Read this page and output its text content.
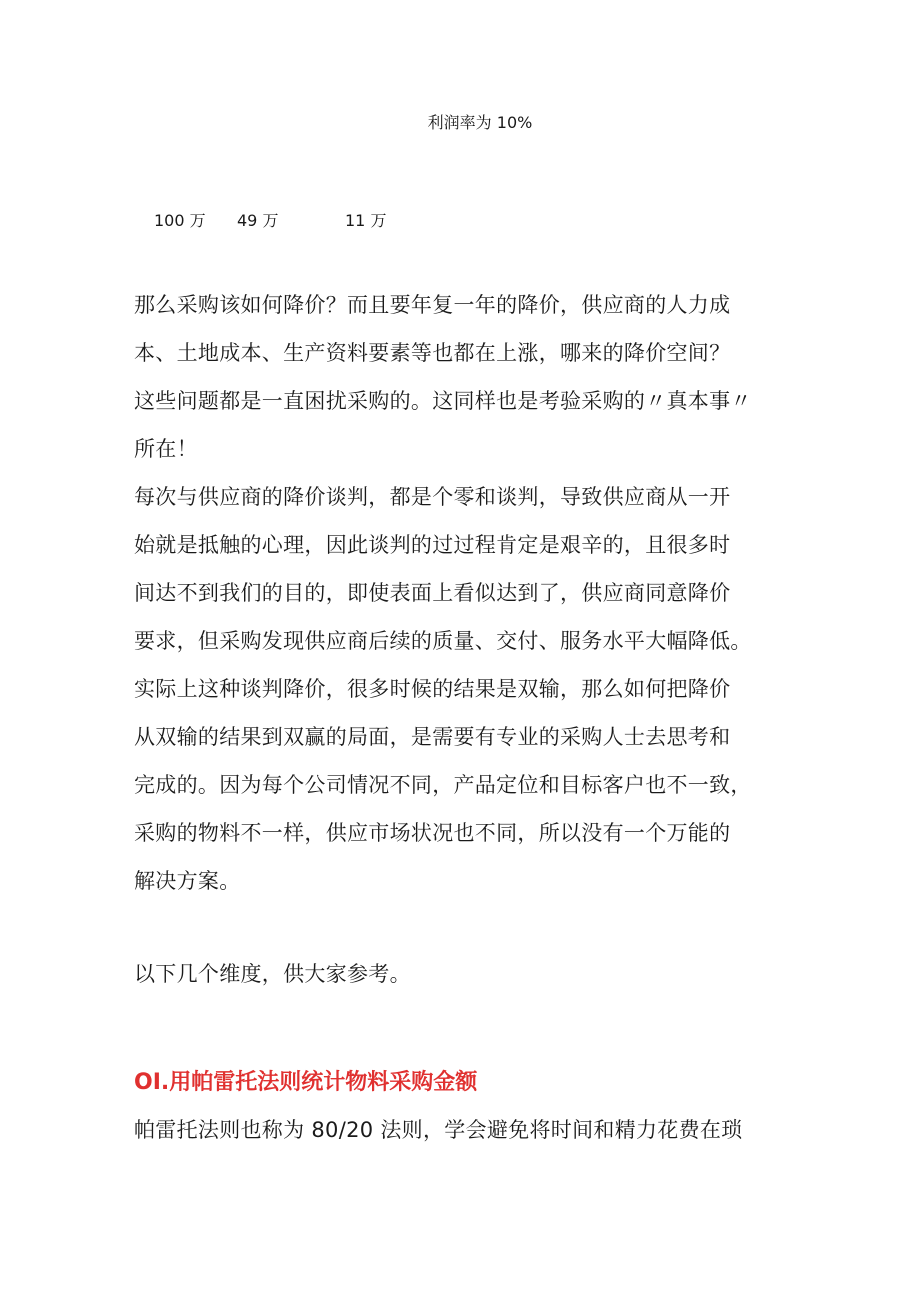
利润率为 10%
100 万 49 万	11 万
那么采购该如何降价？而且要年复一年的降价，供应商的人力成
本、土地成本、生产资料要素等也都在上涨，哪来的降价空间？
这些问题都是一直困扰采购的。这同样也是考验采购的〃真本事〃
所在！
每次与供应商的降价谈判，都是个零和谈判，导致供应商从一开
始就是抵触的心理，因此谈判的过过程肯定是艰辛的，且很多时
间达不到我们的目的，即使表面上看似达到了，供应商同意降价
要求，但采购发现供应商后续的质量、交付、服务水平大幅降低。
实际上这种谈判降价，很多时候的结果是双输，那么如何把降价
从双输的结果到双赢的局面，是需要有专业的采购人士去思考和
完成的。因为每个公司情况不同，产品定位和目标客户也不一致，
采购的物料不一样，供应市场状况也不同，所以没有一个万能的
解决方案。
以下几个维度，供大家参考。
OI.用帕雷托法则统计物料采购金额
帕雷托法则也称为 80/20 法则，学会避免将时间和精力花费在琐
